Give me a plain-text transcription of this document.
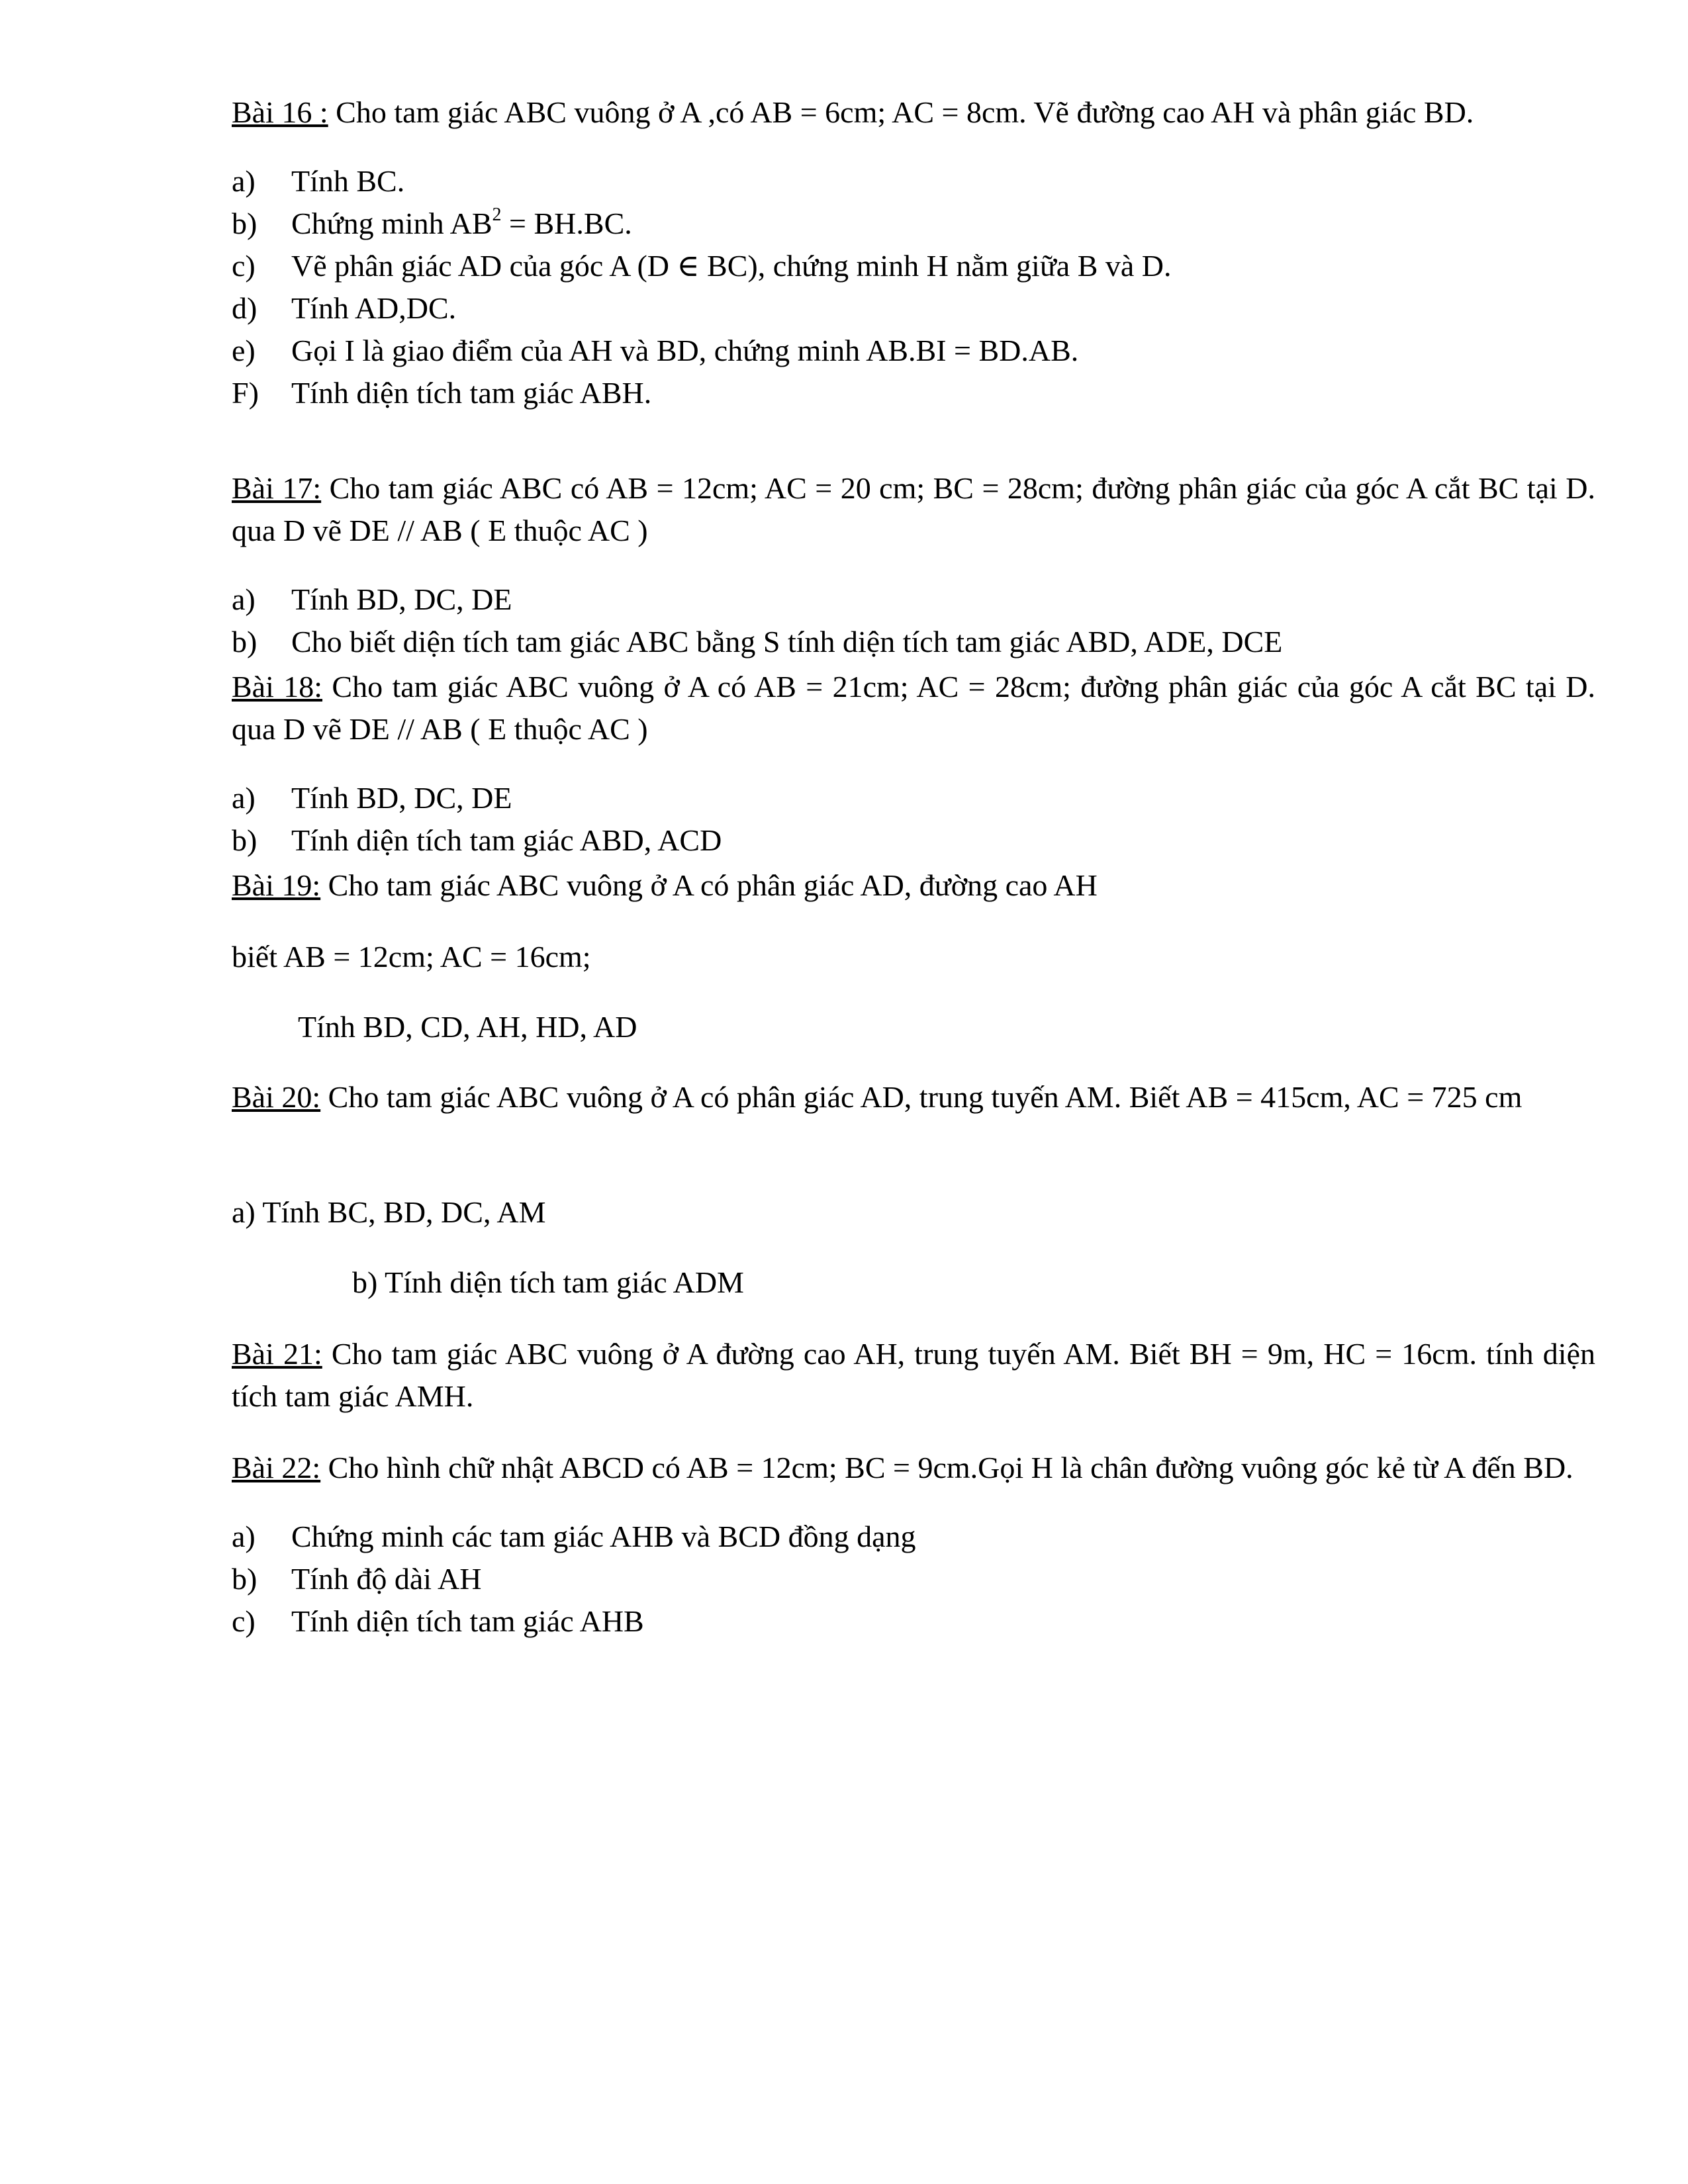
Bài 16 : Cho tam giác ABC vuông ở A ,có AB = 6cm; AC = 8cm. Vẽ đường cao AH và phân giác BD.

a)	Tính BC.
b)	Chứng minh $AB^2 = BH.BC$.
c)	Vẽ phân giác AD của góc A (D ∈ BC), chứng minh H nằm giữa B và D.
d)	Tính AD,DC.
e)	Gọi I là giao điểm của AH và BD, chứng minh AB.BI = BD.AB.
F)	Tính diện tích tam giác ABH.

Bài 17: Cho tam giác ABC có AB = 12cm; AC = 20 cm; BC = 28cm; đường phân giác của góc A cắt BC tại D. qua D vẽ DE // AB ( E thuộc AC )

a)	Tính BD, DC, DE
b)	Cho biết diện tích tam giác ABC bằng S tính diện tích tam giác ABD, ADE, DCE

Bài 18: Cho tam giác ABC vuông ở A có AB = 21cm; AC = 28cm; đường phân giác của góc A cắt BC tại D. qua D vẽ DE // AB ( E thuộc AC )

a)	Tính BD, DC, DE
b)	Tính diện tích tam giác ABD, ACD

Bài 19: Cho tam giác ABC vuông ở A có phân giác AD, đường cao AH

biết AB = 12cm; AC = 16cm;

Tính BD, CD, AH, HD, AD

Bài 20: Cho tam giác ABC vuông ở A có phân giác AD, trung tuyến AM. Biết AB = 415cm, AC = 725 cm

a) Tính BC, BD, DC, AM

b) Tính diện tích tam giác ADM

Bài 21: Cho tam giác ABC vuông ở A đường cao AH, trung tuyến AM. Biết BH = 9m, HC = 16cm. tính diện tích tam giác AMH.

Bài 22: Cho hình chữ nhật ABCD có AB = 12cm; BC = 9cm.Gọi H là chân đường vuông góc kẻ từ A đến BD.

a)	Chứng minh các tam giác AHB và BCD đồng dạng
b)	Tính độ dài AH
c)	Tính diện tích tam giác AHB
